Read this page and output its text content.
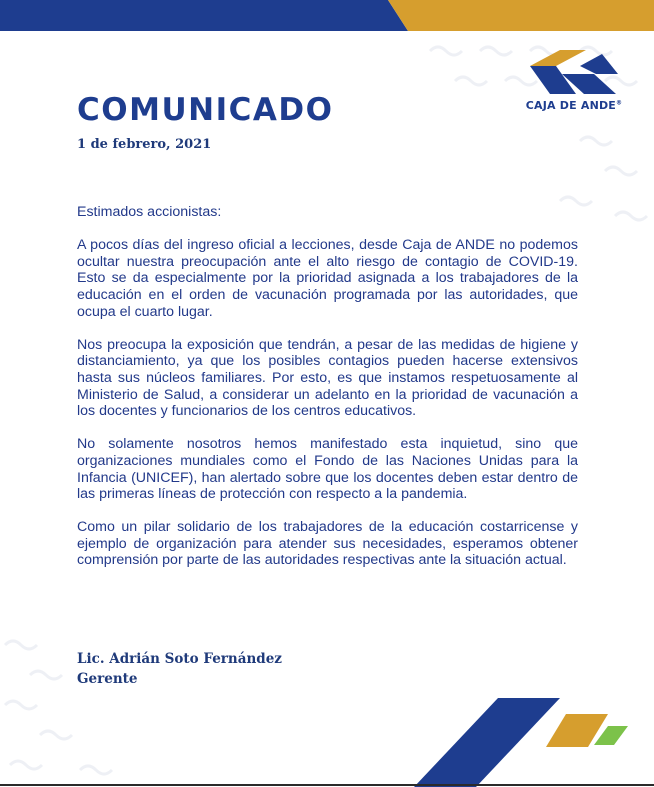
CAJA DE ANDE®
COMUNICADO
1 de febrero, 2021

Estimados accionistas:

A pocos días del ingreso oficial a lecciones, desde Caja de ANDE no podemos ocultar nuestra preocupación ante el alto riesgo de contagio de COVID-19. Esto se da especialmente por la prioridad asignada a los trabajadores de la educación en el orden de vacunación programada por las autoridades, que ocupa el cuarto lugar.

Nos preocupa la exposición que tendrán, a pesar de las medidas de higiene y distanciamiento, ya que los posibles contagios pueden hacerse extensivos hasta sus núcleos familiares. Por esto, es que instamos respetuosamente al Ministerio de Salud, a considerar un adelanto en la prioridad de vacunación a los docentes y funcionarios de los centros educativos.

No solamente nosotros hemos manifestado esta inquietud, sino que organizaciones mundiales como el Fondo de las Naciones Unidas para la Infancia (UNICEF), han alertado sobre que los docentes deben estar dentro de las primeras líneas de protección con respecto a la pandemia.

Como un pilar solidario de los trabajadores de la educación costarricense y ejemplo de organización para atender sus necesidades, esperamos obtener comprensión por parte de las autoridades respectivas ante la situación actual.

Lic. Adrián Soto Fernández
Gerente
